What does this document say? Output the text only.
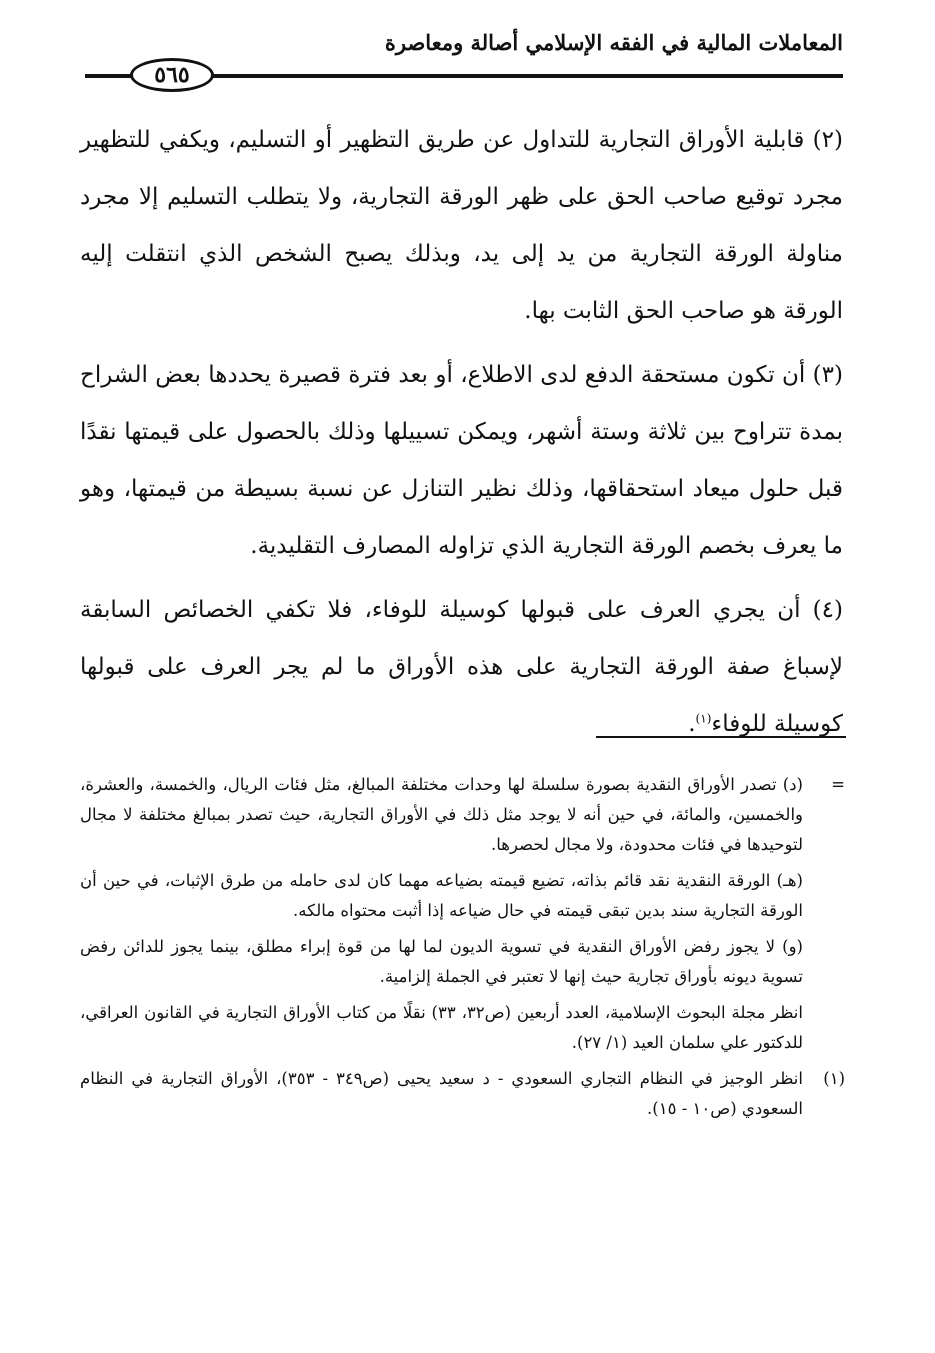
المعاملات المالية في الفقه الإسلامي أصالة ومعاصرة
٥٦٥

(٢) قابلية الأوراق التجارية للتداول عن طريق التظهير أو التسليم، ويكفي للتظهير مجرد توقيع صاحب الحق على ظهر الورقة التجارية، ولا يتطلب التسليم إلا مجرد مناولة الورقة التجارية من يد إلى يد، وبذلك يصبح الشخص الذي انتقلت إليه الورقة هو صاحب الحق الثابت بها.

(٣) أن تكون مستحقة الدفع لدى الاطلاع، أو بعد فترة قصيرة يحددها بعض الشراح بمدة تتراوح بين ثلاثة وستة أشهر، ويمكن تسييلها وذلك بالحصول على قيمتها نقدًا قبل حلول ميعاد استحقاقها، وذلك نظير التنازل عن نسبة بسيطة من قيمتها، وهو ما يعرف بخصم الورقة التجارية الذي تزاوله المصارف التقليدية.

(٤) أن يجري العرف على قبولها كوسيلة للوفاء، فلا تكفي الخصائص السابقة لإسباغ صفة الورقة التجارية على هذه الأوراق ما لم يجر العرف على قبولها كوسيلة للوفاء$^{(١)}$.

=
(د) تصدر الأوراق النقدية بصورة سلسلة لها وحدات مختلفة المبالغ، مثل فئات الريال، والخمسة، والعشرة، والخمسين، والمائة، في حين أنه لا يوجد مثل ذلك في الأوراق التجارية، حيث تصدر بمبالغ مختلفة لا مجال لتوحيدها في فئات محدودة، ولا مجال لحصرها.
(هـ) الورقة النقدية نقد قائم بذاته، تضيع قيمته بضياعه مهما كان لدى حامله من طرق الإثبات، في حين أن الورقة التجارية سند بدين تبقى قيمته في حال ضياعه إذا أثبت محتواه مالكه.
(و) لا يجوز رفض الأوراق النقدية في تسوية الديون لما لها من قوة إبراء مطلق، بينما يجوز للدائن رفض تسوية ديونه بأوراق تجارية حيث إنها لا تعتبر في الجملة إلزامية.
انظر مجلة البحوث الإسلامية، العدد أربعين (ص٣٢، ٣٣) نقلًا من كتاب الأوراق التجارية في القانون العراقي، للدكتور علي سلمان العيد (١/ ٢٧).
(١)
انظر الوجيز في النظام التجاري السعودي - د سعيد يحيى (ص٣٤٩ - ٣٥٣)، الأوراق التجارية في النظام السعودي (ص١٠ - ١٥).
